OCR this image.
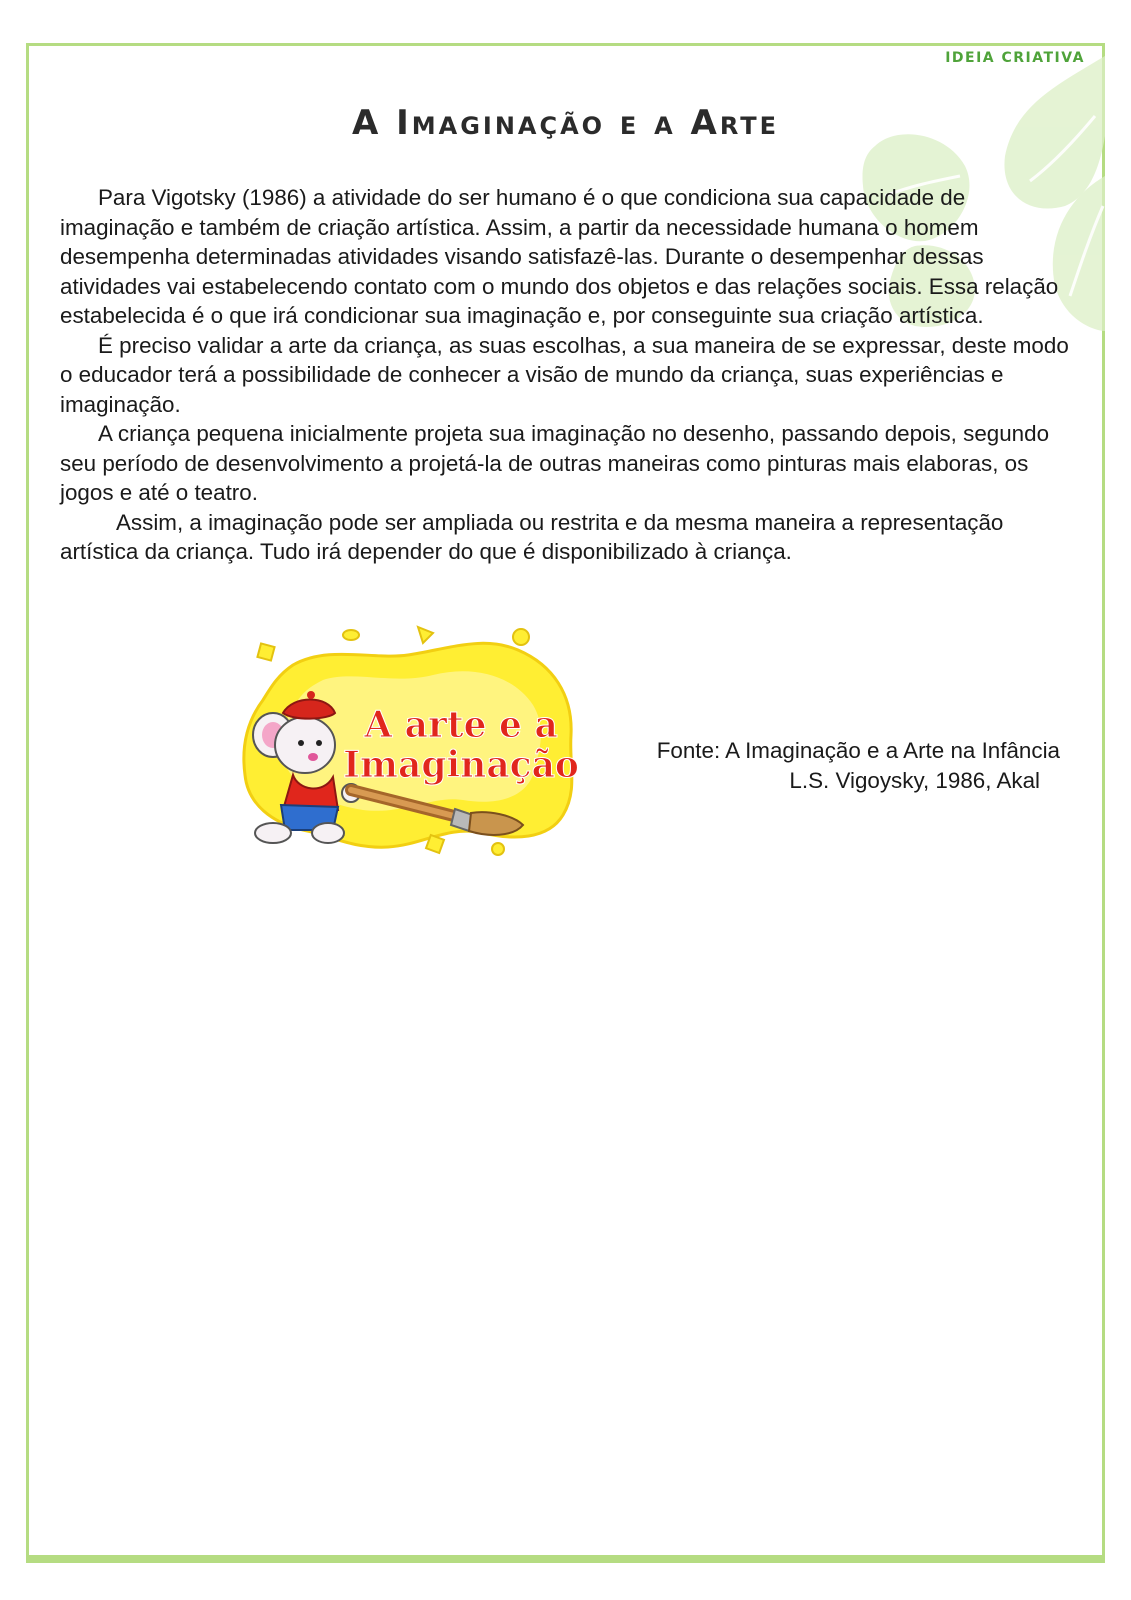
IDEIA CRIATIVA
A Imaginação e a Arte

Para Vigotsky (1986) a atividade do ser humano é o que condiciona sua capacidade de imaginação e também de criação artística. Assim, a partir da necessidade humana o homem desempenha determinadas atividades visando satisfazê-las. Durante o desempenhar dessas atividades vai estabelecendo contato com o mundo dos objetos e das relações sociais. Essa relação estabelecida é o que irá condicionar sua imaginação e, por conseguinte sua criação artística.

É preciso validar a arte da criança, as suas escolhas, a sua maneira de se expressar, deste modo o educador terá a possibilidade de conhecer a visão de mundo da criança, suas experiências e imaginação.

A criança pequena inicialmente projeta sua imaginação no desenho, passando depois, segundo seu período de desenvolvimento a projetá-la de outras maneiras como pinturas mais elaboras, os jogos e até o teatro.

Assim, a imaginação pode ser ampliada ou restrita e da mesma maneira a representação artística da criança. Tudo irá depender do que é disponibilizado à criança.

A arte e a
Imaginação	Fonte: A Imaginação e a Arte na Infância
L.S. Vigoysky, 1986, Akal
